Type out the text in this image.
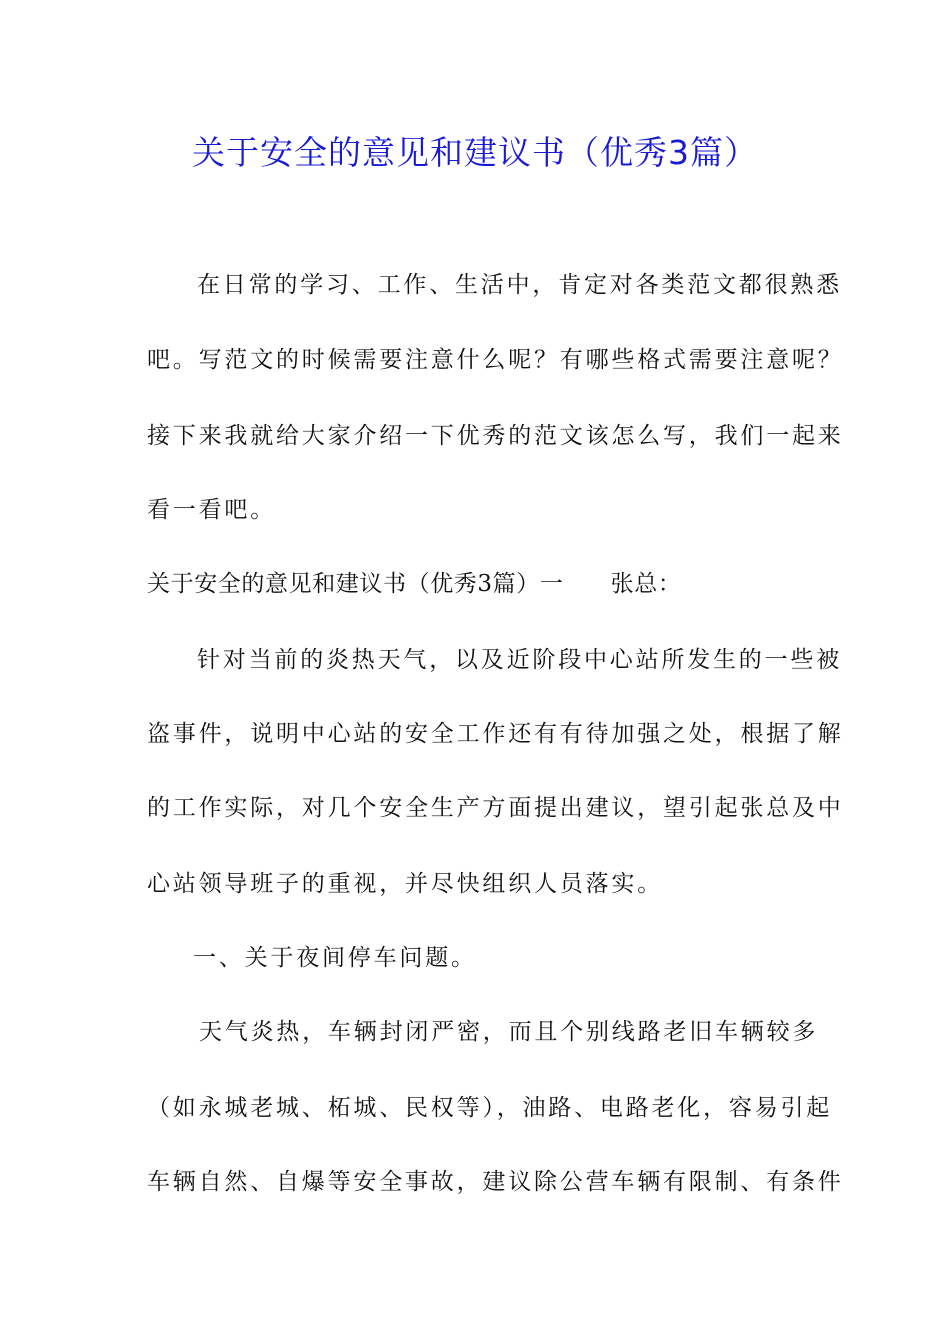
关于安全的意见和建议书（优秀3篇）
在日常的学习、工作、生活中，肯定对各类范文都很熟悉
吧。写范文的时候需要注意什么呢？有哪些格式需要注意呢？
接下来我就给大家介绍一下优秀的范文该怎么写，我们一起来
看一看吧。
关于安全的意见和建议书（优秀3篇）一　　张总：
针对当前的炎热天气，以及近阶段中心站所发生的一些被
盗事件，说明中心站的安全工作还有有待加强之处，根据了解
的工作实际，对几个安全生产方面提出建议，望引起张总及中
心站领导班子的重视，并尽快组织人员落实。
一、关于夜间停车问题。
天气炎热，车辆封闭严密，而且个别线路老旧车辆较多
（如永城老城、柘城、民权等），油路、电路老化，容易引起
车辆自然、自爆等安全事故，建议除公营车辆有限制、有条件
